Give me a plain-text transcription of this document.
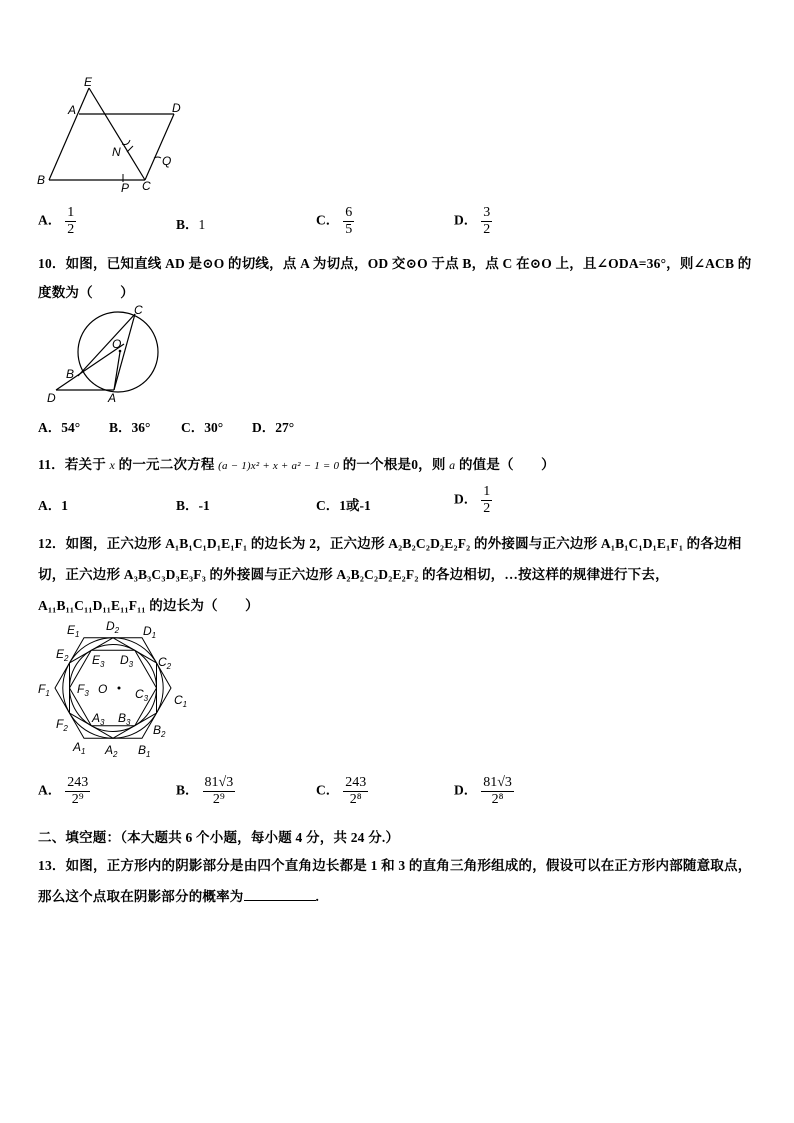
E
A	D
N
Q
B
P C
A． $\frac{1}{2}$	B．1	C． $\frac{6}{5}$	D． $\frac{3}{2}$
10．如图，已知直线 AD 是⊙O 的切线，点 A 为切点，OD 交⊙O 于点 B，点 C 在⊙O 上，且∠ODA=36°，则∠ACB 的
度数为（　　）
C
O
B
D	A
A．54° B．36° C．30° D．27°
11．若关于 x 的一元二次方程 (a − 1)x² + x + a² − 1 = 0 的一个根是0，则 a 的值是（　　）
A．1	B．-1	C．1或-1	D． $\frac{1}{2}$
12．如图，正六边形 A₁B₁C₁D₁E₁F₁ 的边长为 2，正六边形 A₂B₂C₂D₂E₂F₂ 的外接圆与正六边形 A₁B₁C₁D₁E₁F₁ 的各边相
切，正六边形 A₃B₃C₃D₃E₃F₃ 的外接圆与正六边形 A₂B₂C₂D₂E₂F₂ 的各边相切，…按这样的规律进行下去，
A₁₁B₁₁C₁₁D₁₁E₁₁F₁₁ 的边长为（　　）
$E_1$
$D_2$ $D_1$
$E_2$	$C_2$
$E_3$ $D_3$
$F_1$ $F_3$ O $C_3$ $C_1$
$F_2$
$A_3$ $B_3$
$B_2$
$A_1$ $A_2$ $B_1$
A． $\frac{243}{\text{2⁹}}$	B． $\frac{81√3}{\text{2⁹}}$	C． $\frac{243}{\text{2⁸}}$	D． $\frac{81√3}{\text{2⁸}}$
二、填空题：（本大题共 6 个小题，每小题 4 分，共 24 分.）
13．如图，正方形内的阴影部分是由四个直角边长都是 1 和 3 的直角三角形组成的，假设可以在正方形内部随意取点，
那么这个点取在阴影部分的概率为	.
